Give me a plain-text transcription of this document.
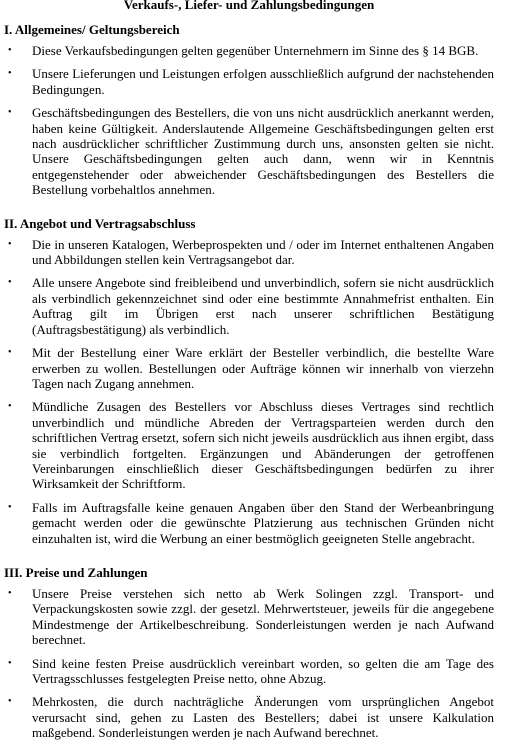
Verkaufs-, Liefer- und Zahlungsbedingungen
I. Allgemeines/ Geltungsbereich
• Diese Verkaufsbedingungen gelten gegenüber Unternehmern im Sinne des § 14 BGB.
• Unsere Lieferungen und Leistungen erfolgen ausschließlich aufgrund der nachstehenden Bedingungen.
• Geschäftsbedingungen des Bestellers, die von uns nicht ausdrücklich anerkannt werden, haben keine Gültigkeit. Anderslautende Allgemeine Geschäftsbedingungen gelten erst nach ausdrücklicher schriftlicher Zustimmung durch uns, ansonsten gelten sie nicht. Unsere Geschäftsbedingungen gelten auch dann, wenn wir in Kenntnis entgegenstehender oder abweichender Geschäftsbedingungen des Bestellers die Bestellung vorbehaltlos annehmen.
II. Angebot und Vertragsabschluss
• Die in unseren Katalogen, Werbeprospekten und / oder im Internet enthaltenen Angaben und Abbildungen stellen kein Vertragsangebot dar.
• Alle unsere Angebote sind freibleibend und unverbindlich, sofern sie nicht ausdrücklich als verbindlich gekennzeichnet sind oder eine bestimmte Annahmefrist enthalten. Ein Auftrag gilt im Übrigen erst nach unserer schriftlichen Bestätigung (Auftragsbestätigung) als verbindlich.
• Mit der Bestellung einer Ware erklärt der Besteller verbindlich, die bestellte Ware erwerben zu wollen. Bestellungen oder Aufträge können wir innerhalb von vierzehn Tagen nach Zugang annehmen.
• Mündliche Zusagen des Bestellers vor Abschluss dieses Vertrages sind rechtlich unverbindlich und mündliche Abreden der Vertragsparteien werden durch den schriftlichen Vertrag ersetzt, sofern sich nicht jeweils ausdrücklich aus ihnen ergibt, dass sie verbindlich fortgelten. Ergänzungen und Abänderungen der getroffenen Vereinbarungen einschließlich dieser Geschäftsbedingungen bedürfen zu ihrer Wirksamkeit der Schriftform.
• Falls im Auftragsfalle keine genauen Angaben über den Stand der Werbeanbringung gemacht werden oder die gewünschte Platzierung aus technischen Gründen nicht einzuhalten ist, wird die Werbung an einer bestmöglich geeigneten Stelle angebracht.
III. Preise und Zahlungen
• Unsere Preise verstehen sich netto ab Werk Solingen zzgl. Transport- und Verpackungskosten sowie zzgl. der gesetzl. Mehrwertsteuer, jeweils für die angegebene Mindestmenge der Artikelbeschreibung. Sonderleistungen werden je nach Aufwand berechnet.
• Sind keine festen Preise ausdrücklich vereinbart worden, so gelten die am Tage des Vertragsschlusses festgelegten Preise netto, ohne Abzug.
• Mehrkosten, die durch nachträgliche Änderungen vom ursprünglichen Angebot verursacht sind, gehen zu Lasten des Bestellers; dabei ist unsere Kalkulation maßgebend. Sonderleistungen werden je nach Aufwand berechnet.
